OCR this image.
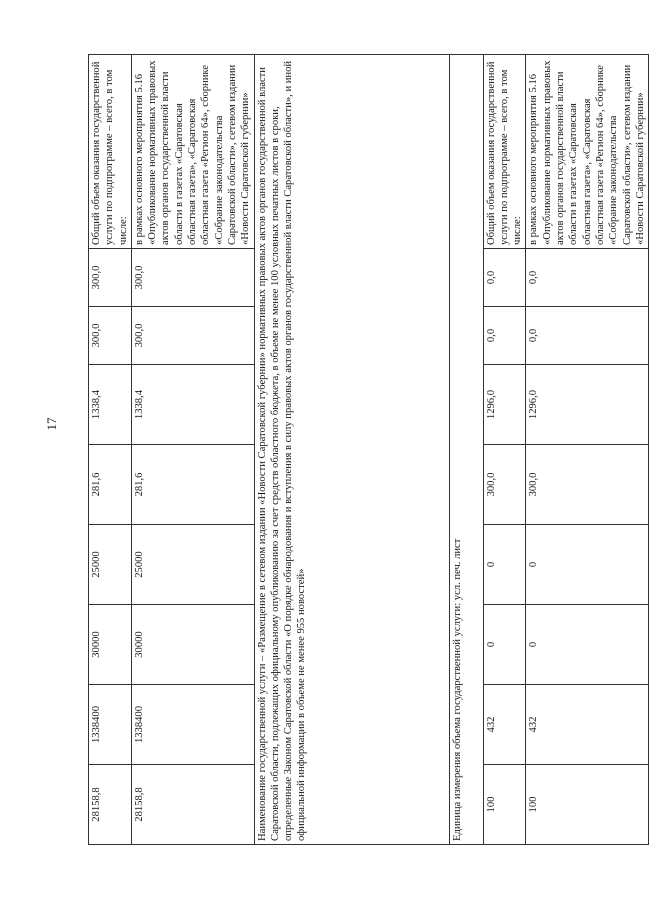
17
28158,8	1338400	30000	25000	281,6	1338,4	300,0	300,0	Общий объем оказания государственной услуги по подпрограмме – всего, в том числе:
28158,8	1338400	30000	25000	281,6	1338,4	300,0	300,0	в рамках основного мероприятия 5.16 «Опубликование нормативных правовых актов органов государственной власти области в газетах «Саратовская областная газета», «Саратовская областная газета «Регион 64», сборнике «Собрание законодательства Саратовской области», сетевом издании «Новости Саратовской губернии»
Наименование государственной услуги – «Размещение в сетевом издании «Новости Саратовской губернии» нормативных правовых актов органов государственной власти Саратовской области, подлежащих официальному опубликованию за счет средств областного бюджета, в объеме не менее 100 условных печатных листов в сроки, определенные Законом Саратовской области «О порядке обнародования и вступления в силу правовых актов органов государственной власти Саратовской области», и иной официальной информации в объеме не менее 955 новостей»								
Единица измерения объема государственной услуги: усл. печ. лист								
100	432	0	0	300,0	1296,0	0,0	0,0	Общий объем оказания государственной услуги по подпрограмме – всего, в том числе:
100	432	0	0	300,0	1296,0	0,0	0,0	в рамках основного мероприятия 5.16 «Опубликование нормативных правовых актов органов государственной власти области в газетах «Саратовская областная газета», «Саратовская областная газета «Регион 64», сборнике «Собрание законодательства Саратовской области», сетевом издании «Новости Саратовской губернии»
